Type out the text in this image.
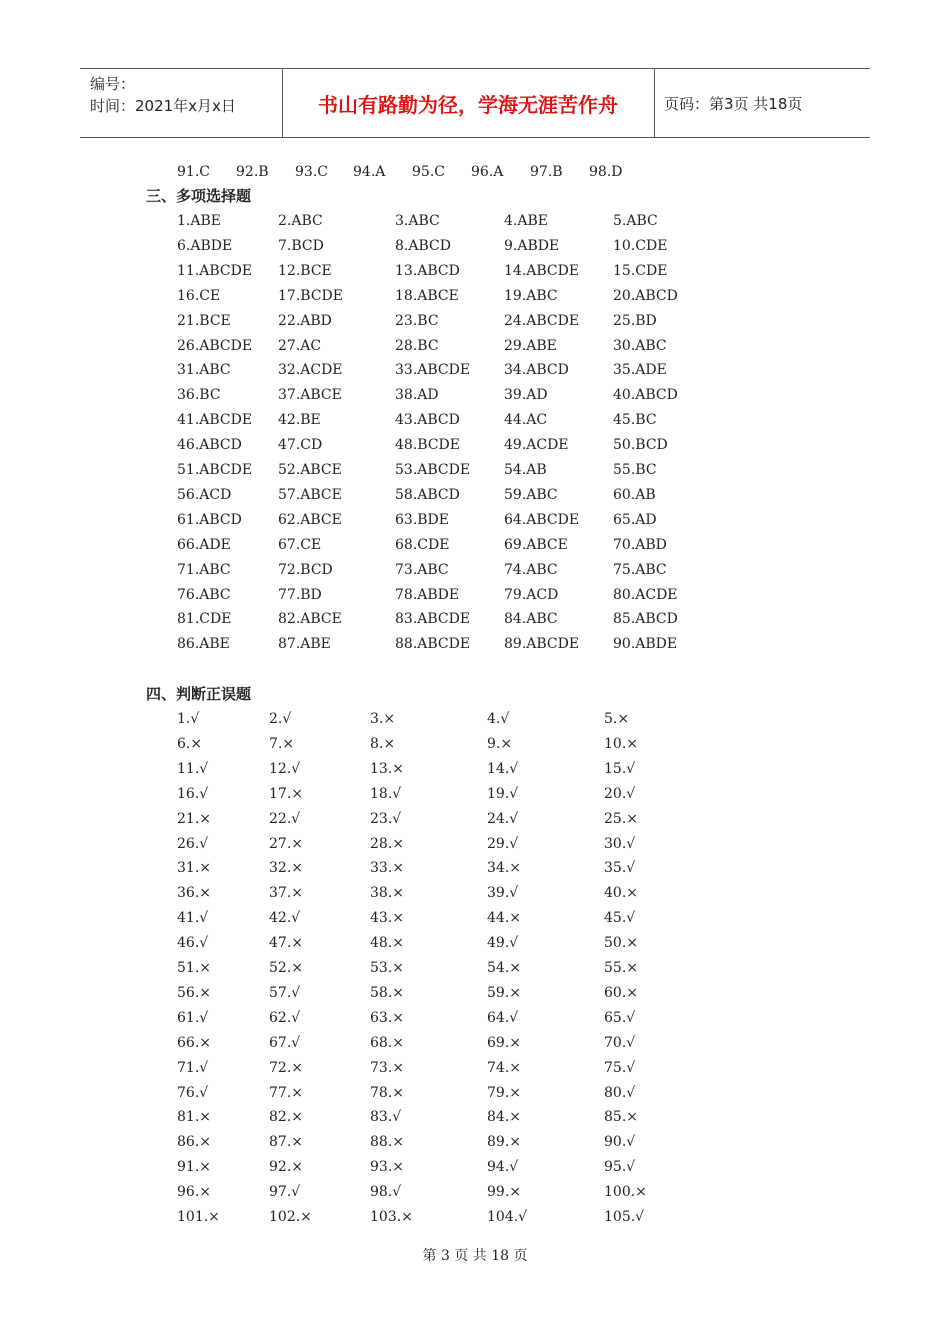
编号：
时间：2021年x月x日	书山有路勤为径，学海无涯苦作舟	页码：第3页 共18页
91.C 92.B 93.C 94.A 95.C 96.A 97.B 98.D
三、多项选择题
1.ABE	2.ABC	3.ABC	4.ABE	5.ABC
6.ABDE	7.BCD	8.ABCD	9.ABDE	10.CDE
11.ABCDE 12.BCE	13.ABCD	14.ABCDE 15.CDE
16.CE	17.BCDE	18.ABCE	19.ABC	20.ABCD
21.BCE	22.ABD	23.BC	24.ABCDE 25.BD
26.ABCDE 27.AC	28.BC	29.ABE	30.ABC
31.ABC	32.ACDE	33.ABCDE 34.ABCD	35.ADE
36.BC	37.ABCE	38.AD	39.AD	40.ABCD
41.ABCDE 42.BE	43.ABCD	44.AC	45.BC
46.ABCD	47.CD	48.BCDE	49.ACDE	50.BCD
51.ABCDE 52.ABCE	53.ABCDE 54.AB	55.BC
56.ACD	57.ABCE	58.ABCD	59.ABC	60.AB
61.ABCD	62.ABCE	63.BDE	64.ABCDE 65.AD
66.ADE	67.CE	68.CDE	69.ABCE	70.ABD
71.ABC	72.BCD	73.ABC	74.ABC	75.ABC
76.ABC	77.BD	78.ABDE	79.ACD	80.ACDE
81.CDE	82.ABCE	83.ABCDE 84.ABC	85.ABCD
86.ABE	87.ABE	88.ABCDE 89.ABCDE 90.ABDE
四、判断正误题
1.√	2.√	3.×	4.√	5.×
6.×	7.×	8.×	9.×	10.×
11.√	12.√	13.×	14.√	15.√
16.√	17.×	18.√	19.√	20.√
21.×	22.√	23.√	24.√	25.×
26.√	27.×	28.×	29.√	30.√
31.×	32.×	33.×	34.×	35.√
36.×	37.×	38.×	39.√	40.×
41.√	42.√	43.×	44.×	45.√
46.√	47.×	48.×	49.√	50.×
51.×	52.×	53.×	54.×	55.×
56.×	57.√	58.×	59.×	60.×
61.√	62.√	63.×	64.√	65.√
66.×	67.√	68.×	69.×	70.√
71.√	72.×	73.×	74.×	75.√
76.√	77.×	78.×	79.×	80.√
81.×	82.×	83.√	84.×	85.×
86.×	87.×	88.×	89.×	90.√
91.×	92.×	93.×	94.√	95.√
96.×	97.√	98.√	99.×	100.×
101.×	102.×	103.×	104.√	105.√
第 3 页 共 18 页
